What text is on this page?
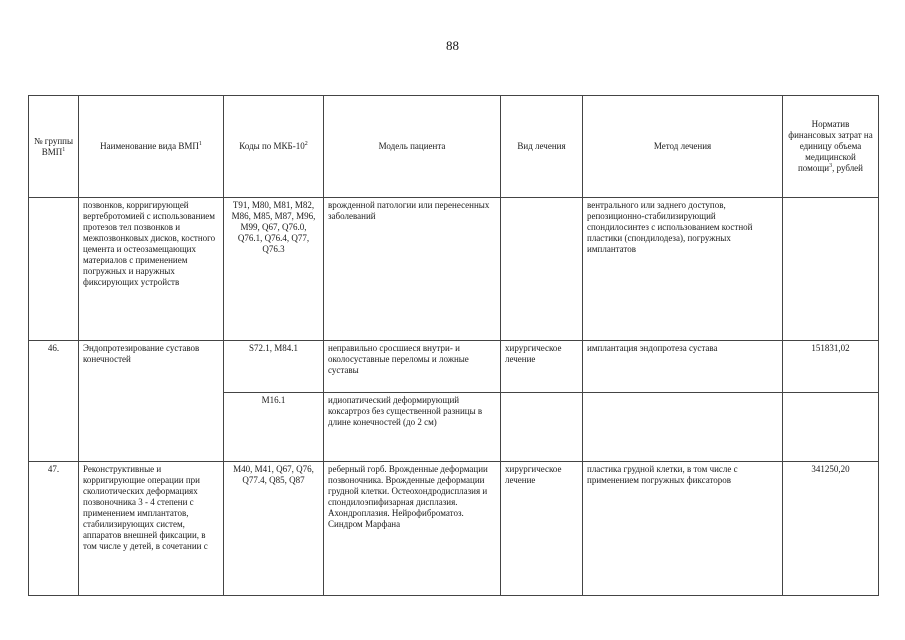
88
№ группы ВМП$^1$	Наименование вида ВМП$^1$	Коды по МКБ-$10^2$	Модель пациента	Вид лечения	Метод лечения	Норматив финансовых затрат на единицу объема медицинской помощи$^3$, рублей
	позвонков, корригирующей вертебротомией с использованием протезов тел позвонков и межпозвонковых дисков, костного цемента и остеозамещающих материалов с применением погружных и наружных фиксирующих устройств	T91, M80, M81, M82, M86, M85, M87, M96, M99, Q67, Q76.0, Q76.1, Q76.4, Q77, Q76.3	врожденной патологии или перенесенных заболеваний		вентрального или заднего доступов, репозиционно-стабилизирующий спондилосинтез с использованием костной пластики (спондилодеза), погружных имплантатов	
46.	Эндопротезирование суставов конечностей	S72.1, M84.1	неправильно сросшиеся внутри- и околосуставные переломы и ложные суставы	хирургическое лечение	имплантация эндопротеза сустава	151831,02
		M16.1	идиопатический деформирующий коксартроз без существенной разницы в длине конечностей (до 2 см)			
47.	Реконструктивные и корригирующие операции при сколиотических деформациях позвоночника 3 - 4 степени с применением имплантатов, стабилизирующих систем, аппаратов внешней фиксации, в том числе у детей, в сочетании с	M40, M41, Q67, Q76, Q77.4, Q85, Q87	реберный горб. Врожденные деформации позвоночника. Врожденные деформации грудной клетки. Остеохондродисплазия и спондилоэпифизарная дисплазия. Ахондроплазия. Нейрофиброматоз. Синдром Марфана	хирургическое лечение	пластика грудной клетки, в том числе с применением погружных фиксаторов	341250,20
